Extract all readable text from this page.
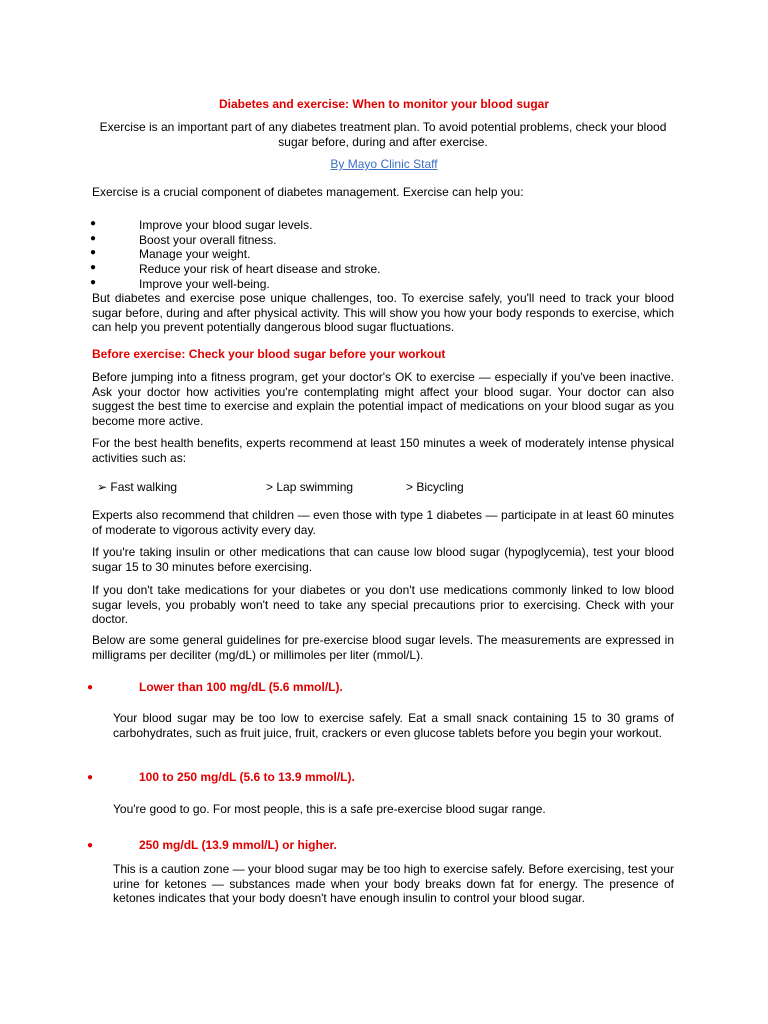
Diabetes and exercise: When to monitor your blood sugar
Exercise is an important part of any diabetes treatment plan. To avoid potential problems, check your blood sugar before, during and after exercise.
By Mayo Clinic Staff
Exercise is a crucial component of diabetes management. Exercise can help you:
●	Improve your blood sugar levels.
●	Boost your overall fitness.
●	Manage your weight.
●	Reduce your risk of heart disease and stroke.
●	Improve your well-being.
But diabetes and exercise pose unique challenges, too. To exercise safely, you'll need to track your blood sugar before, during and after physical activity. This will show you how your body responds to exercise, which can help you prevent potentially dangerous blood sugar fluctuations.
Before exercise: Check your blood sugar before your workout
Before jumping into a fitness program, get your doctor's OK to exercise — especially if you've been inactive. Ask your doctor how activities you're contemplating might affect your blood sugar. Your doctor can also suggest the best time to exercise and explain the potential impact of medications on your blood sugar as you become more active.
For the best health benefits, experts recommend at least 150 minutes a week of moderately intense physical activities such as:
➢ Fast walking	> Lap swimming	> Bicycling
Experts also recommend that children — even those with type 1 diabetes — participate in at least 60 minutes of moderate to vigorous activity every day.
If you're taking insulin or other medications that can cause low blood sugar (hypoglycemia), test your blood sugar 15 to 30 minutes before exercising.
If you don't take medications for your diabetes or you don't use medications commonly linked to low blood sugar levels, you probably won't need to take any special precautions prior to exercising. Check with your doctor.
Below are some general guidelines for pre-exercise blood sugar levels. The measurements are expressed in milligrams per deciliter (mg/dL) or millimoles per liter (mmol/L).
●	Lower than 100 mg/dL (5.6 mmol/L).
Your blood sugar may be too low to exercise safely. Eat a small snack containing 15 to 30 grams of carbohydrates, such as fruit juice, fruit, crackers or even glucose tablets before you begin your workout.
●	100 to 250 mg/dL (5.6 to 13.9 mmol/L).
You're good to go. For most people, this is a safe pre-exercise blood sugar range.
●	250 mg/dL (13.9 mmol/L) or higher.
This is a caution zone — your blood sugar may be too high to exercise safely. Before exercising, test your urine for ketones — substances made when your body breaks down fat for energy. The presence of ketones indicates that your body doesn't have enough insulin to control your blood sugar.
